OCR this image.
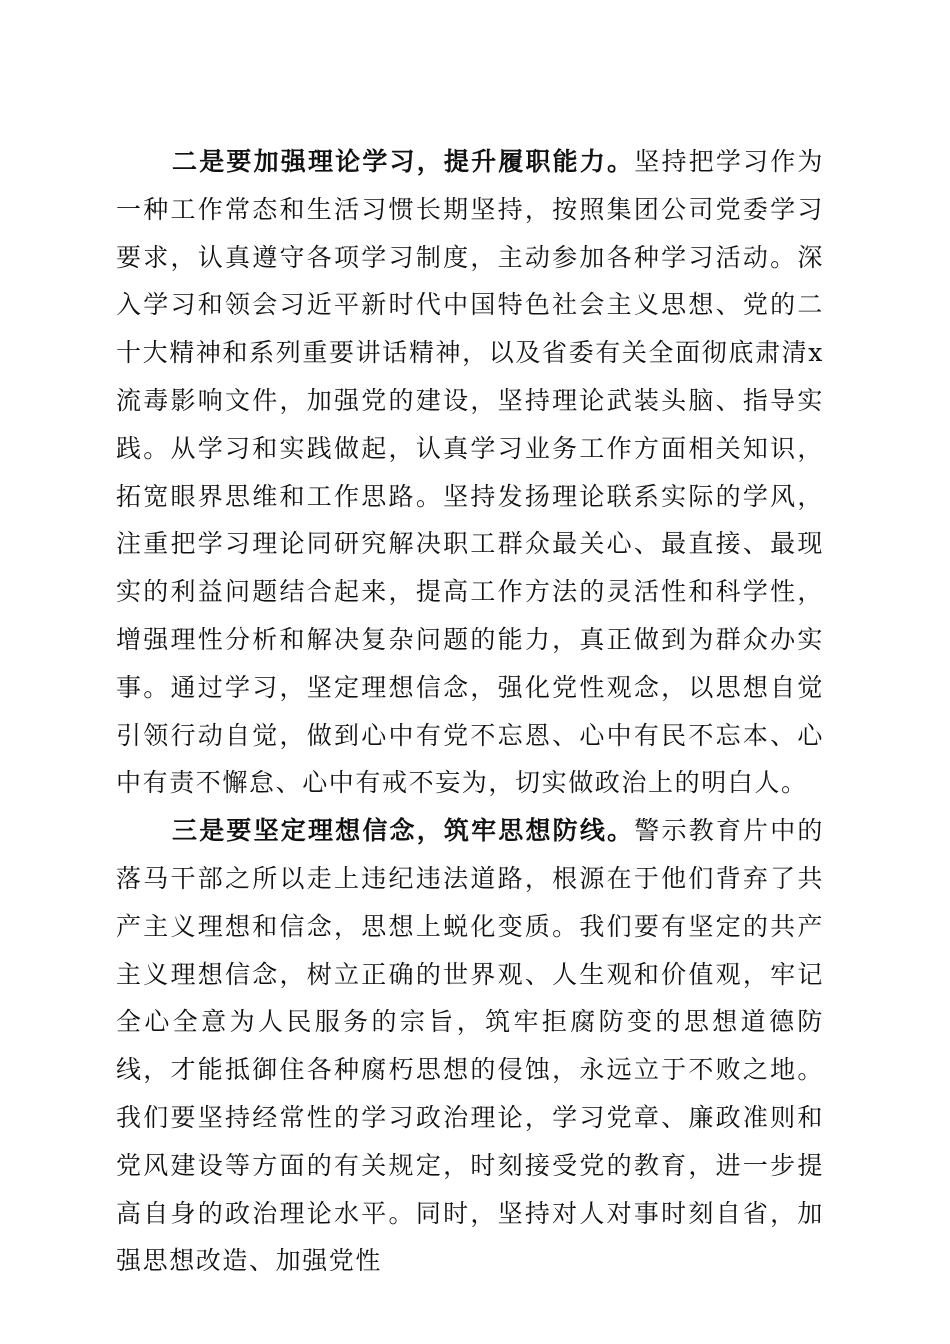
二是要加强理论学习，提升履职能力。坚持把学习作为一种工作常态和生活习惯长期坚持，按照集团公司党委学习要求，认真遵守各项学习制度，主动参加各种学习活动。深入学习和领会习近平新时代中国特色社会主义思想、党的二十大精神和系列重要讲话精神，以及省委有关全面彻底肃清x流毒影响文件，加强党的建设，坚持理论武装头脑、指导实践。从学习和实践做起，认真学习业务工作方面相关知识，拓宽眼界思维和工作思路。坚持发扬理论联系实际的学风，注重把学习理论同研究解决职工群众最关心、最直接、最现实的利益问题结合起来，提高工作方法的灵活性和科学性，增强理性分析和解决复杂问题的能力，真正做到为群众办实事。通过学习，坚定理想信念，强化党性观念，以思想自觉引领行动自觉，做到心中有党不忘恩、心中有民不忘本、心中有责不懈怠、心中有戒不妄为，切实做政治上的明白人。

三是要坚定理想信念，筑牢思想防线。警示教育片中的落马干部之所以走上违纪违法道路，根源在于他们背弃了共产主义理想和信念，思想上蜕化变质。我们要有坚定的共产主义理想信念，树立正确的世界观、人生观和价值观，牢记全心全意为人民服务的宗旨，筑牢拒腐防变的思想道德防线，才能抵御住各种腐朽思想的侵蚀，永远立于不败之地。我们要坚持经常性的学习政治理论，学习党章、廉政准则和党风建设等方面的有关规定，时刻接受党的教育，进一步提高自身的政治理论水平。同时，坚持对人对事时刻自省，加强思想改造、加强党性
